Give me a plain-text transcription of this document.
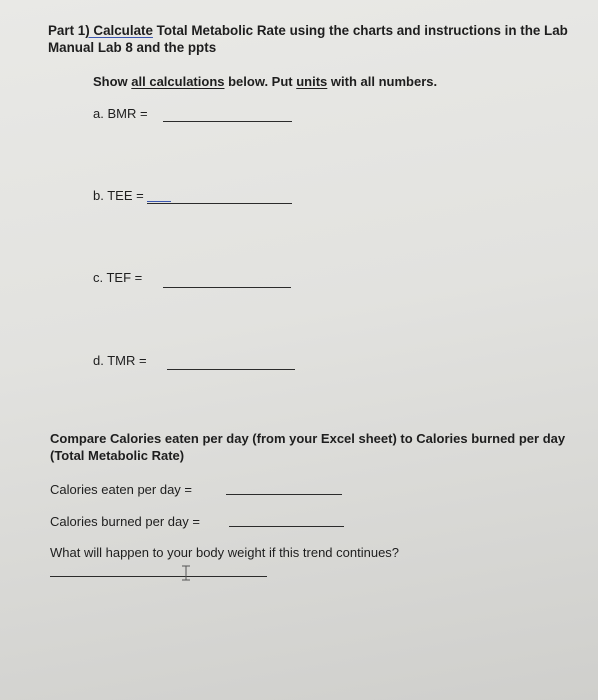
Part 1) Calculate Total Metabolic Rate using the charts and instructions in the Lab Manual Lab 8 and the ppts
Show all calculations below. Put units with all numbers.
a. BMR =
b. TEE =
c. TEF =
d. TMR =
Compare Calories eaten per day (from your Excel sheet) to Calories burned per day (Total Metabolic Rate)
Calories eaten per day =
Calories burned per day =
What will happen to your body weight if this trend continues?
